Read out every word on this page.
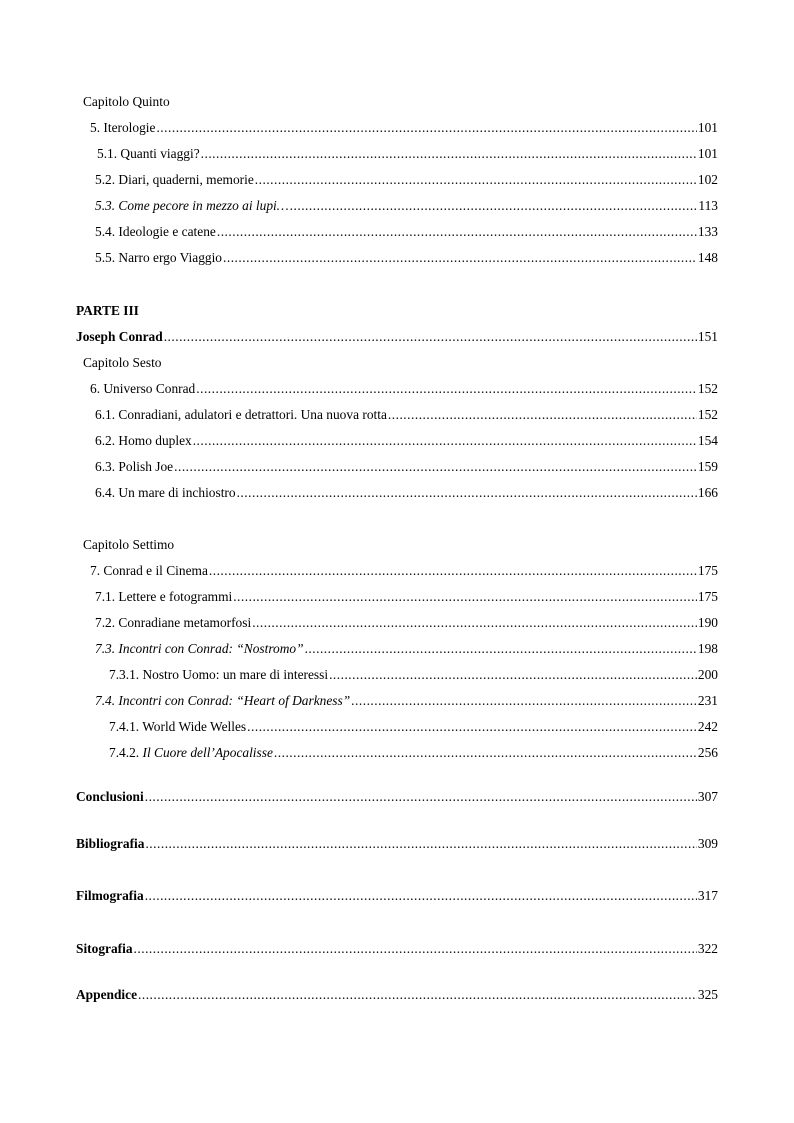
Capitolo Quinto
5. Iterologie .....	101
5.1. Quanti viaggi? .....	101
5.2. Diari, quaderni, memorie .....	102
5.3. Come pecore in mezzo ai lupi… .....	113
5.4. Ideologie e catene .....	133
5.5. Narro ergo Viaggio .....	148
PARTE III
Joseph Conrad .....	151
Capitolo Sesto
6. Universo Conrad .....	152
6.1. Conradiani, adulatori e detrattori. Una nuova rotta .....	152
6.2. Homo duplex .....	154
6.3. Polish Joe .....	159
6.4. Un mare di inchiostro .....	166
Capitolo Settimo
7. Conrad e il Cinema .....	175
7.1. Lettere e fotogrammi .....	175
7.2. Conradiane metamorfosi .....	190
7.3. Incontri con Conrad: “Nostromo” .....	198
7.3.1. Nostro Uomo: un mare di interessi .....	200
7.4. Incontri con Conrad: “Heart of Darkness” .....	231
7.4.1. World Wide Welles .....	242
7.4.2. Il Cuore dell’Apocalisse .....	256
Conclusioni .....	307
Bibliografia .....	309
Filmografia .....	317
Sitografia .....	322
Appendice .....	325
